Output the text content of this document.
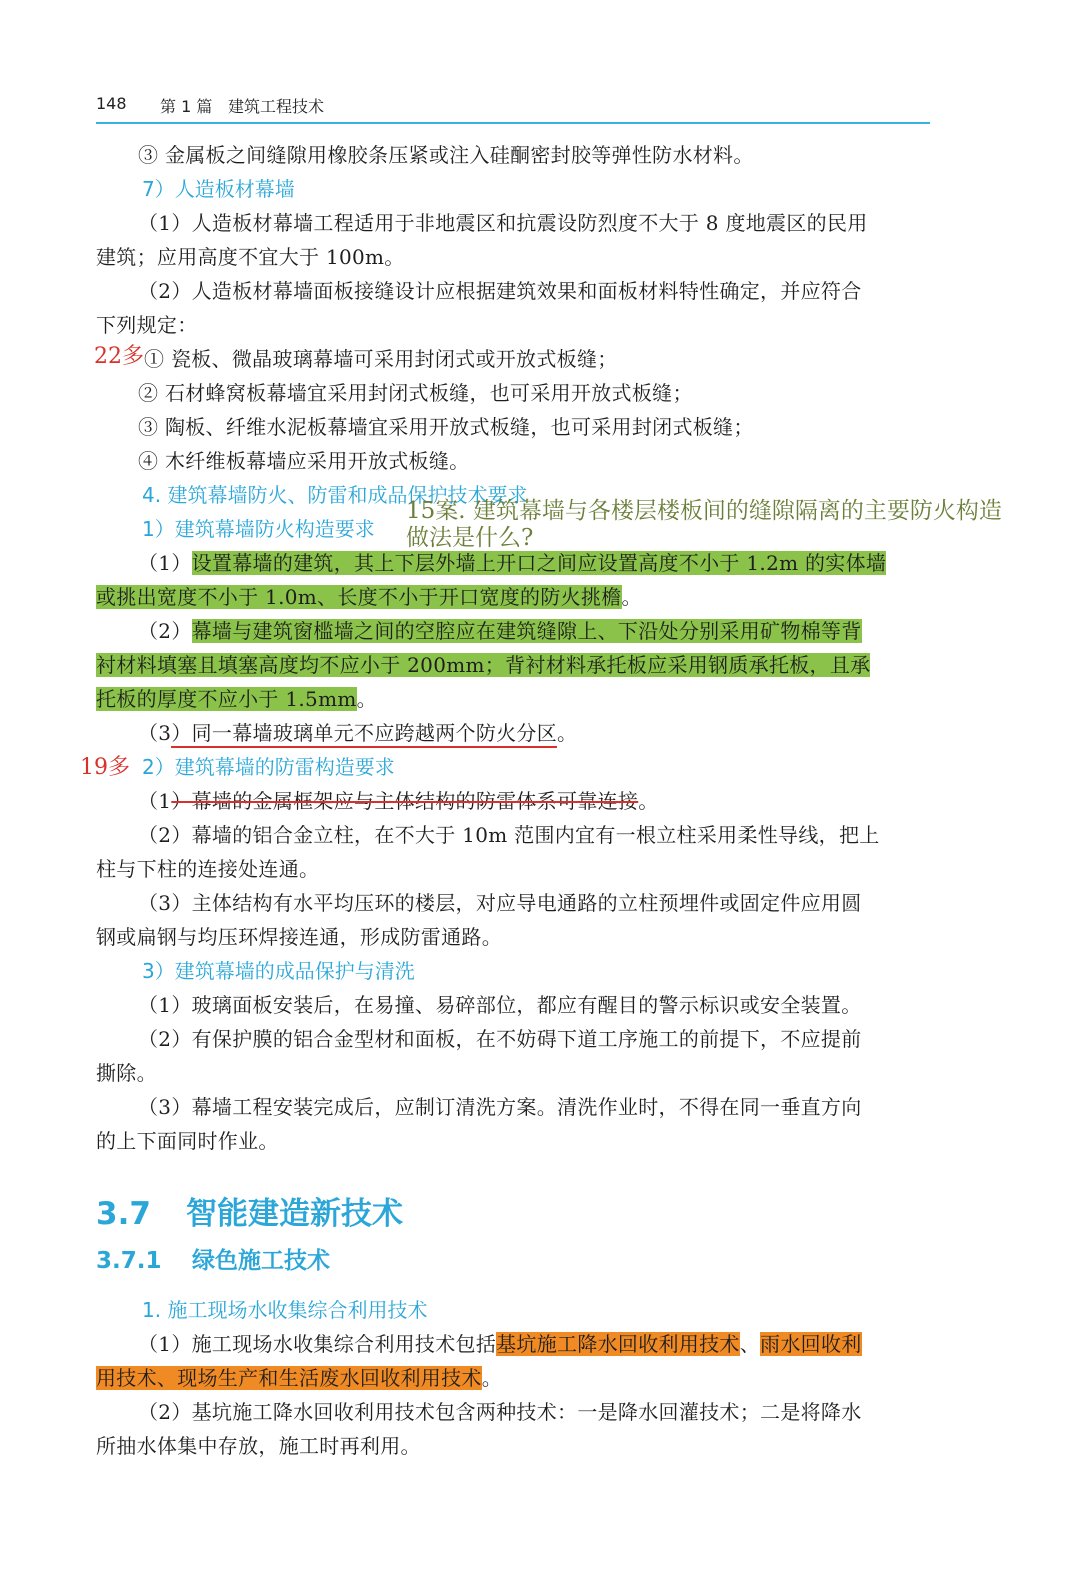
148 第 1 篇 建筑工程技术
③ 金属板之间缝隙用橡胶条压紧或注入硅酮密封胶等弹性防水材料。
7）人造板材幕墙
（1）人造板材幕墙工程适用于非地震区和抗震设防烈度不大于 8 度地震区的民用
建筑；应用高度不宜大于 100m。
（2）人造板材幕墙面板接缝设计应根据建筑效果和面板材料特性确定，并应符合
下列规定：
22多 ① 瓷板、微晶玻璃幕墙可采用封闭式或开放式板缝；
② 石材蜂窝板幕墙宜采用封闭式板缝，也可采用开放式板缝；
③ 陶板、纤维水泥板幕墙宜采用开放式板缝，也可采用封闭式板缝；
④ 木纤维板幕墙应采用开放式板缝。
4. 建筑幕墙防火、防雷和成品保护技术要求
1）建筑幕墙防火构造要求
15案. 建筑幕墙与各楼层楼板间的缝隙隔离的主要防火构造
做法是什么?
（1）设置幕墙的建筑，其上下层外墙上开口之间应设置高度不小于 1.2m 的实体墙
或挑出宽度不小于 1.0m、长度不小于开口宽度的防火挑檐。
（2）幕墙与建筑窗槛墙之间的空腔应在建筑缝隙上、下沿处分别采用矿物棉等背
衬材料填塞且填塞高度均不应小于 200mm；背衬材料承托板应采用钢质承托板，且承
托板的厚度不应小于 1.5mm。
（3）同一幕墙玻璃单元不应跨越两个防火分区。
19多 2）建筑幕墙的防雷构造要求
（1）幕墙的金属框架应与主体结构的防雷体系可靠连接。
（2）幕墙的铝合金立柱，在不大于 10m 范围内宜有一根立柱采用柔性导线，把上
柱与下柱的连接处连通。
（3）主体结构有水平均压环的楼层，对应导电通路的立柱预埋件或固定件应用圆
钢或扁钢与均压环焊接连通，形成防雷通路。
3）建筑幕墙的成品保护与清洗
（1）玻璃面板安装后，在易撞、易碎部位，都应有醒目的警示标识或安全装置。
（2）有保护膜的铝合金型材和面板，在不妨碍下道工序施工的前提下，不应提前
撕除。
（3）幕墙工程安装完成后，应制订清洗方案。清洗作业时，不得在同一垂直方向
的上下面同时作业。
3.7 智能建造新技术
3.7.1 绿色施工技术
1. 施工现场水收集综合利用技术
（1）施工现场水收集综合利用技术包括基坑施工降水回收利用技术、雨水回收利
用技术、现场生产和生活废水回收利用技术。
（2）基坑施工降水回收利用技术包含两种技术：一是降水回灌技术；二是将降水
所抽水体集中存放，施工时再利用。
